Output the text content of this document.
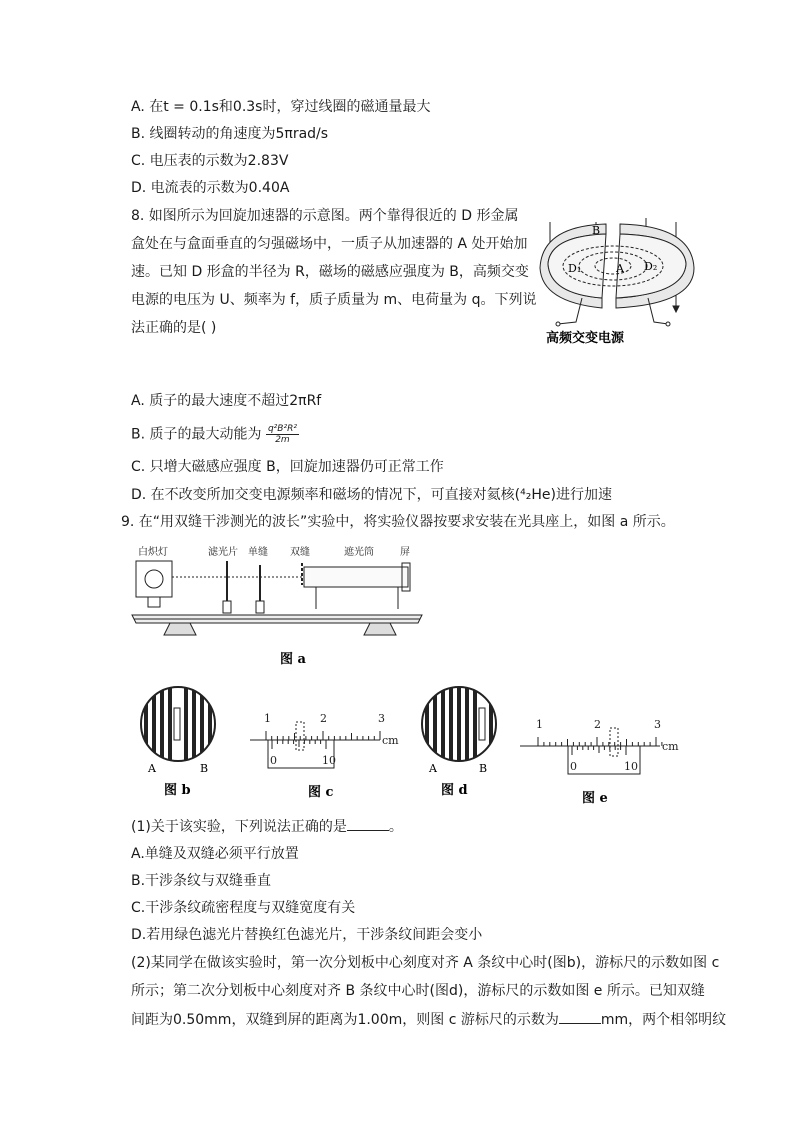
A. 在t = 0.1s和0.3s时，穿过线圈的磁通量最大
B. 线圈转动的角速度为5πrad/s
C. 电压表的示数为2.83V
D. 电流表的示数为0.40A
8. 如图所示为回旋加速器的示意图。两个靠得很近的 D 形金属
盒处在与盒面垂直的匀强磁场中，一质子从加速器的 A 处开始加
速。已知 D 形盒的半径为 R，磁场的磁感应强度为 B，高频交变
电源的电压为 U、频率为 f，质子质量为 m、电荷量为 q。下列说
法正确的是( )
B
D₁	D₂
A
高频交变电源
A. 质子的最大速度不超过2πRf
B. 质子的最大动能为 $\frac{\text{q²B²R²}}{2m}$
C. 只增大磁感应强度 B，回旋加速器仍可正常工作
D. 在不改变所加交变电源频率和磁场的情况下，可直接对氦核(⁴₂He)进行加速
9. 在“用双缝干涉测光的波长”实验中，将实验仪器按要求安装在光具座上，如图 a 所示。
白炽灯	滤光片 单缝 双缝	遮光筒	屏
图 a
A	B
图 b
1	2	3
cm
0	10
图 c
A	B
图 d
1	2	3
cm
0	10
图 e
(1)关于该实验，下列说法正确的是	。
A.单缝及双缝必须平行放置
B.干涉条纹与双缝垂直
C.干涉条纹疏密程度与双缝宽度有关
D.若用绿色滤光片替换红色滤光片，干涉条纹间距会变小
(2)某同学在做该实验时，第一次分划板中心刻度对齐 A 条纹中心时(图b)，游标尺的示数如图 c
所示；第二次分划板中心刻度对齐 B 条纹中心时(图d)，游标尺的示数如图 e 所示。已知双缝
间距为0.50mm，双缝到屏的距离为1.00m，则图 c 游标尺的示数为	mm，两个相邻明纹
